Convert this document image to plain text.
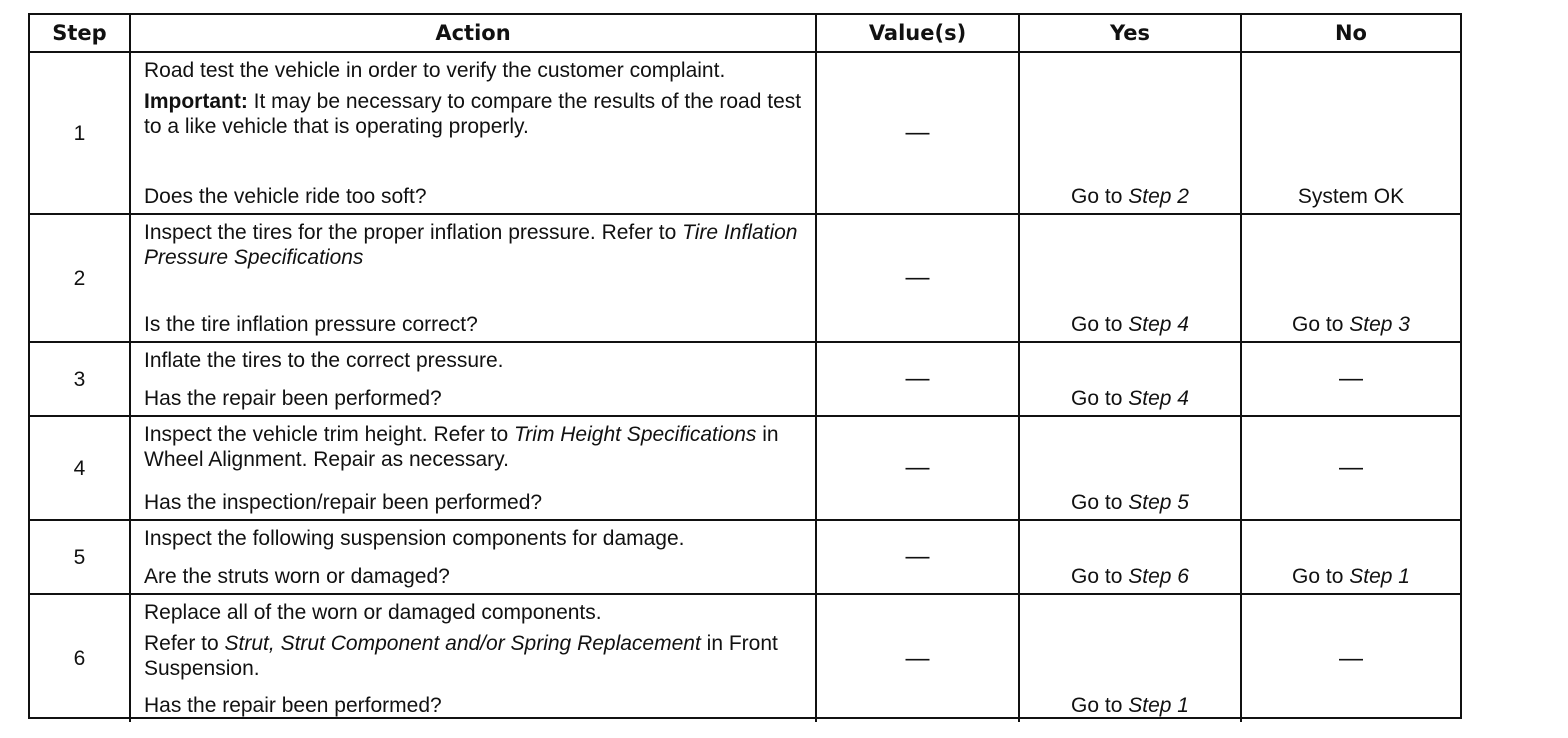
Step	Action	Value(s)	Yes	No
1	Road test the vehicle in order to verify the customer complaint.

Important: It may be necessary to compare the results of the road test to a like vehicle that is operating properly.

Does the vehicle ride too soft?	—	Go to Step 2	System OK
2	Inspect the tires for the proper inflation pressure. Refer to Tire Inflation Pressure Specifications

Is the tire inflation pressure correct?	—	Go to Step 4	Go to Step 3
3	Inflate the tires to the correct pressure.

Has the repair been performed?	—	Go to Step 4	—
4	Inspect the vehicle trim height. Refer to Trim Height Specifications in Wheel Alignment. Repair as necessary.

Has the inspection/repair been performed?	—	Go to Step 5	—
5	Inspect the following suspension components for damage.

Are the struts worn or damaged?	—	Go to Step 6	Go to Step 1
6	Replace all of the worn or damaged components.

Refer to Strut, Strut Component and/or Spring Replacement in Front Suspension.

Has the repair been performed?	—	Go to Step 1	—
